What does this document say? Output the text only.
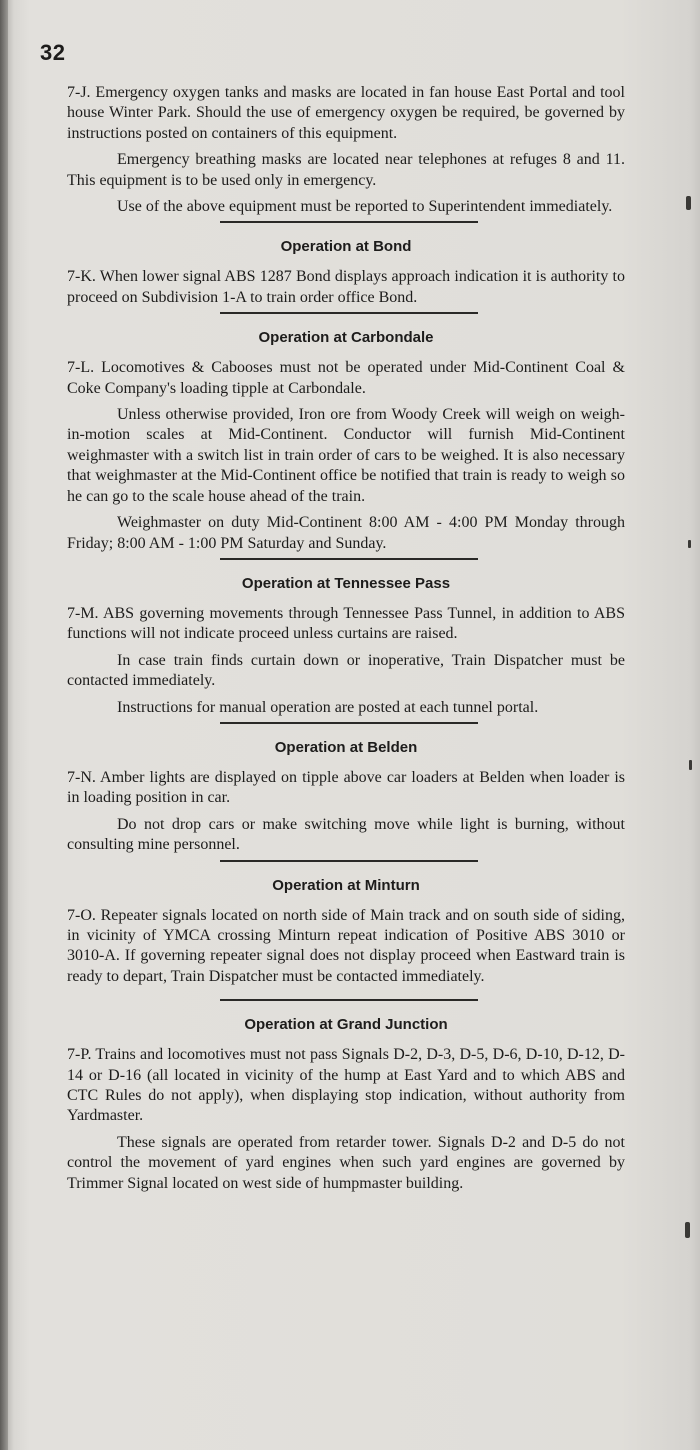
32

7-J. Emergency oxygen tanks and masks are located in fan house East Portal and tool house Winter Park. Should the use of emergency oxygen be required, be governed by instructions posted on containers of this equipment.

Emergency breathing masks are located near telephones at refuges 8 and 11. This equipment is to be used only in emergency.

Use of the above equipment must be reported to Superintendent immediately.

Operation at Bond

7-K. When lower signal ABS 1287 Bond displays approach indication it is authority to proceed on Subdivision 1-A to train order office Bond.

Operation at Carbondale

7-L. Locomotives & Cabooses must not be operated under Mid-Continent Coal & Coke Company's loading tipple at Carbondale.

Unless otherwise provided, Iron ore from Woody Creek will weigh on weigh-in-motion scales at Mid-Continent. Conductor will furnish Mid-Continent weighmaster with a switch list in train order of cars to be weighed. It is also necessary that weighmaster at the Mid-Continent office be notified that train is ready to weigh so he can go to the scale house ahead of the train.

Weighmaster on duty Mid-Continent 8:00 AM - 4:00 PM Monday through Friday; 8:00 AM - 1:00 PM Saturday and Sunday.

Operation at Tennessee Pass

7-M. ABS governing movements through Tennessee Pass Tunnel, in addition to ABS functions will not indicate proceed unless curtains are raised.

In case train finds curtain down or inoperative, Train Dispatcher must be contacted immediately.

Instructions for manual operation are posted at each tunnel portal.

Operation at Belden

7-N. Amber lights are displayed on tipple above car loaders at Belden when loader is in loading position in car.

Do not drop cars or make switching move while light is burning, without consulting mine personnel.

Operation at Minturn

7-O. Repeater signals located on north side of Main track and on south side of siding, in vicinity of YMCA crossing Minturn repeat indication of Positive ABS 3010 or 3010-A. If governing repeater signal does not display proceed when Eastward train is ready to depart, Train Dispatcher must be contacted immediately.

Operation at Grand Junction

7-P. Trains and locomotives must not pass Signals D-2, D-3, D-5, D-6, D-10, D-12, D-14 or D-16 (all located in vicinity of the hump at East Yard and to which ABS and CTC Rules do not apply), when displaying stop indication, without authority from Yardmaster.

These signals are operated from retarder tower. Signals D-2 and D-5 do not control the movement of yard engines when such yard engines are governed by Trimmer Signal located on west side of humpmaster building.
